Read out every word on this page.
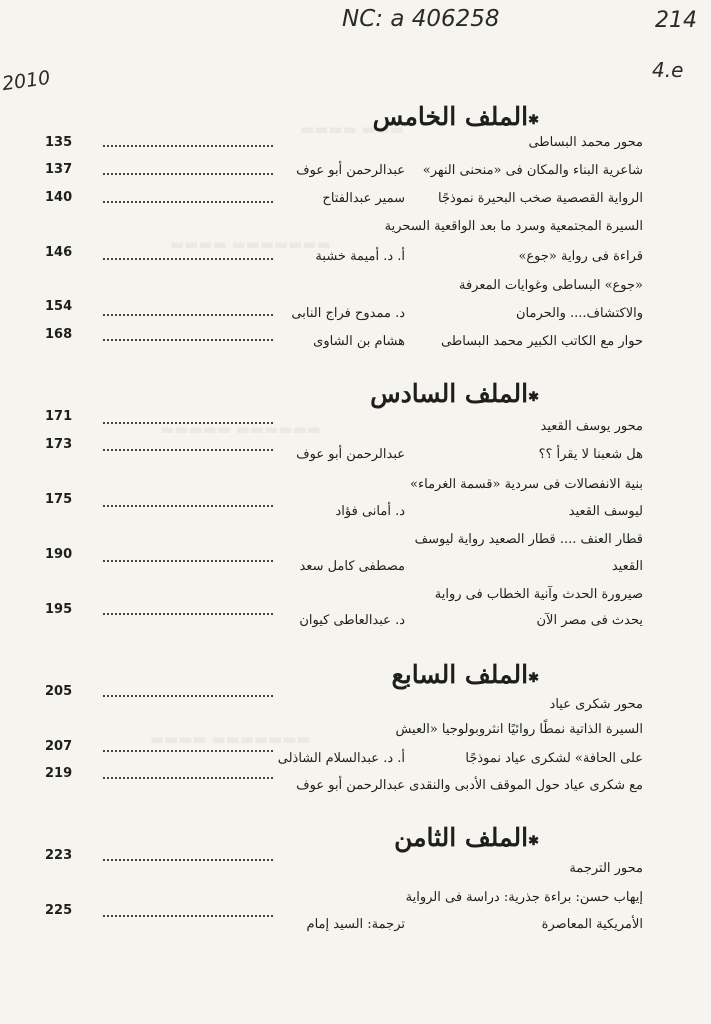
▬▬▬▬ ▬▬▬
▬▬▬▬ ▬▬▬▬▬▬▬
▬▬▬▬▬ ▬▬▬▬▬▬
▬▬▬▬ ▬▬▬▬▬▬▬
NC: a 406258
2010
214
4.e
✱الملف الخامس
محور محمد البساطى
135
شاعرية البناء والمكان فى «منحنى النهر»
عبدالرحمن أبو عوف
137
الرواية القصصية صخب البحيرة نموذجًا
سمير عبدالفتاح
140
السيرة المجتمعية وسرد ما بعد الواقعية السحرية
قراءة فى رواية «جوع»
أ. د. أميمة خشبة
146
«جوع» البساطى وغوايات المعرفة
والاكتشاف.... والحرمان
د. ممدوح فراج النابى
154
حوار مع الكاتب الكبير محمد البساطى
هشام بن الشاوى
168
✱الملف السادس
محور يوسف القعيد
171
هل شعبنا لا يقرأ ؟؟
عبدالرحمن أبو عوف
173
بنية الانفصالات فى سردية «قسمة الغرماء»
ليوسف القعيد
د. أمانى فؤاد
175
قطار العنف .... قطار الصعيد رواية ليوسف
القعيد
مصطفى كامل سعد
190
صيرورة الحدث وآنية الخطاب فى رواية
يحدث فى مصر الآن
د. عبدالعاطى كيوان
195
✱الملف السابع
محور شكرى عياد
205
السيرة الذاتية نمطًا روائيًا انثروبولوجيا «العيش
على الحافة» لشكرى عياد نموذجًا
أ. د. عبدالسلام الشاذلى
207
مع شكرى عياد حول الموقف الأدبى والنقدى
عبدالرحمن أبو عوف
219
✱الملف الثامن
محور الترجمة
223
إيهاب حسن: براءة جذرية: دراسة فى الرواية
الأمريكية المعاصرة
ترجمة: السيد إمام
225
